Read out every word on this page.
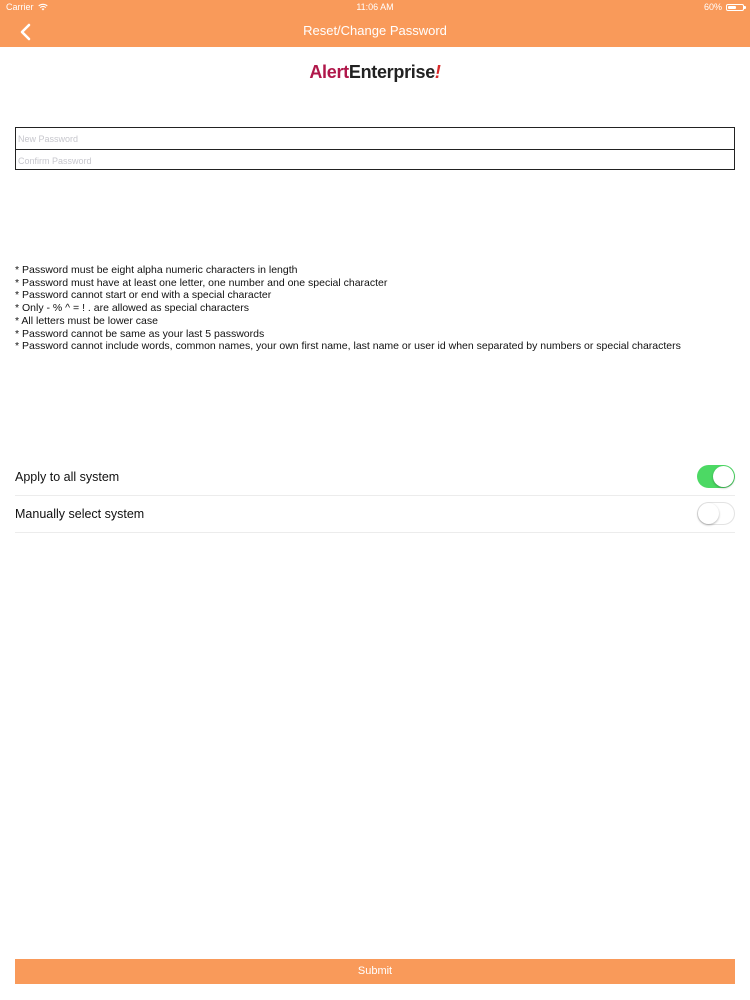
Carrier	11:06 AM	60%
Reset/Change Password
AlertEnterprise!
* Password must be eight alpha numeric characters in length
* Password must have at least one letter, one number and one special character
* Password cannot start or end with a special character
* Only - % ^ = ! . are allowed as special characters
* All letters must be lower case
* Password cannot be same as your last 5 passwords
* Password cannot include words, common names, your own first name, last name or user id when separated by numbers or special characters
Apply to all system
Manually select system
Submit
